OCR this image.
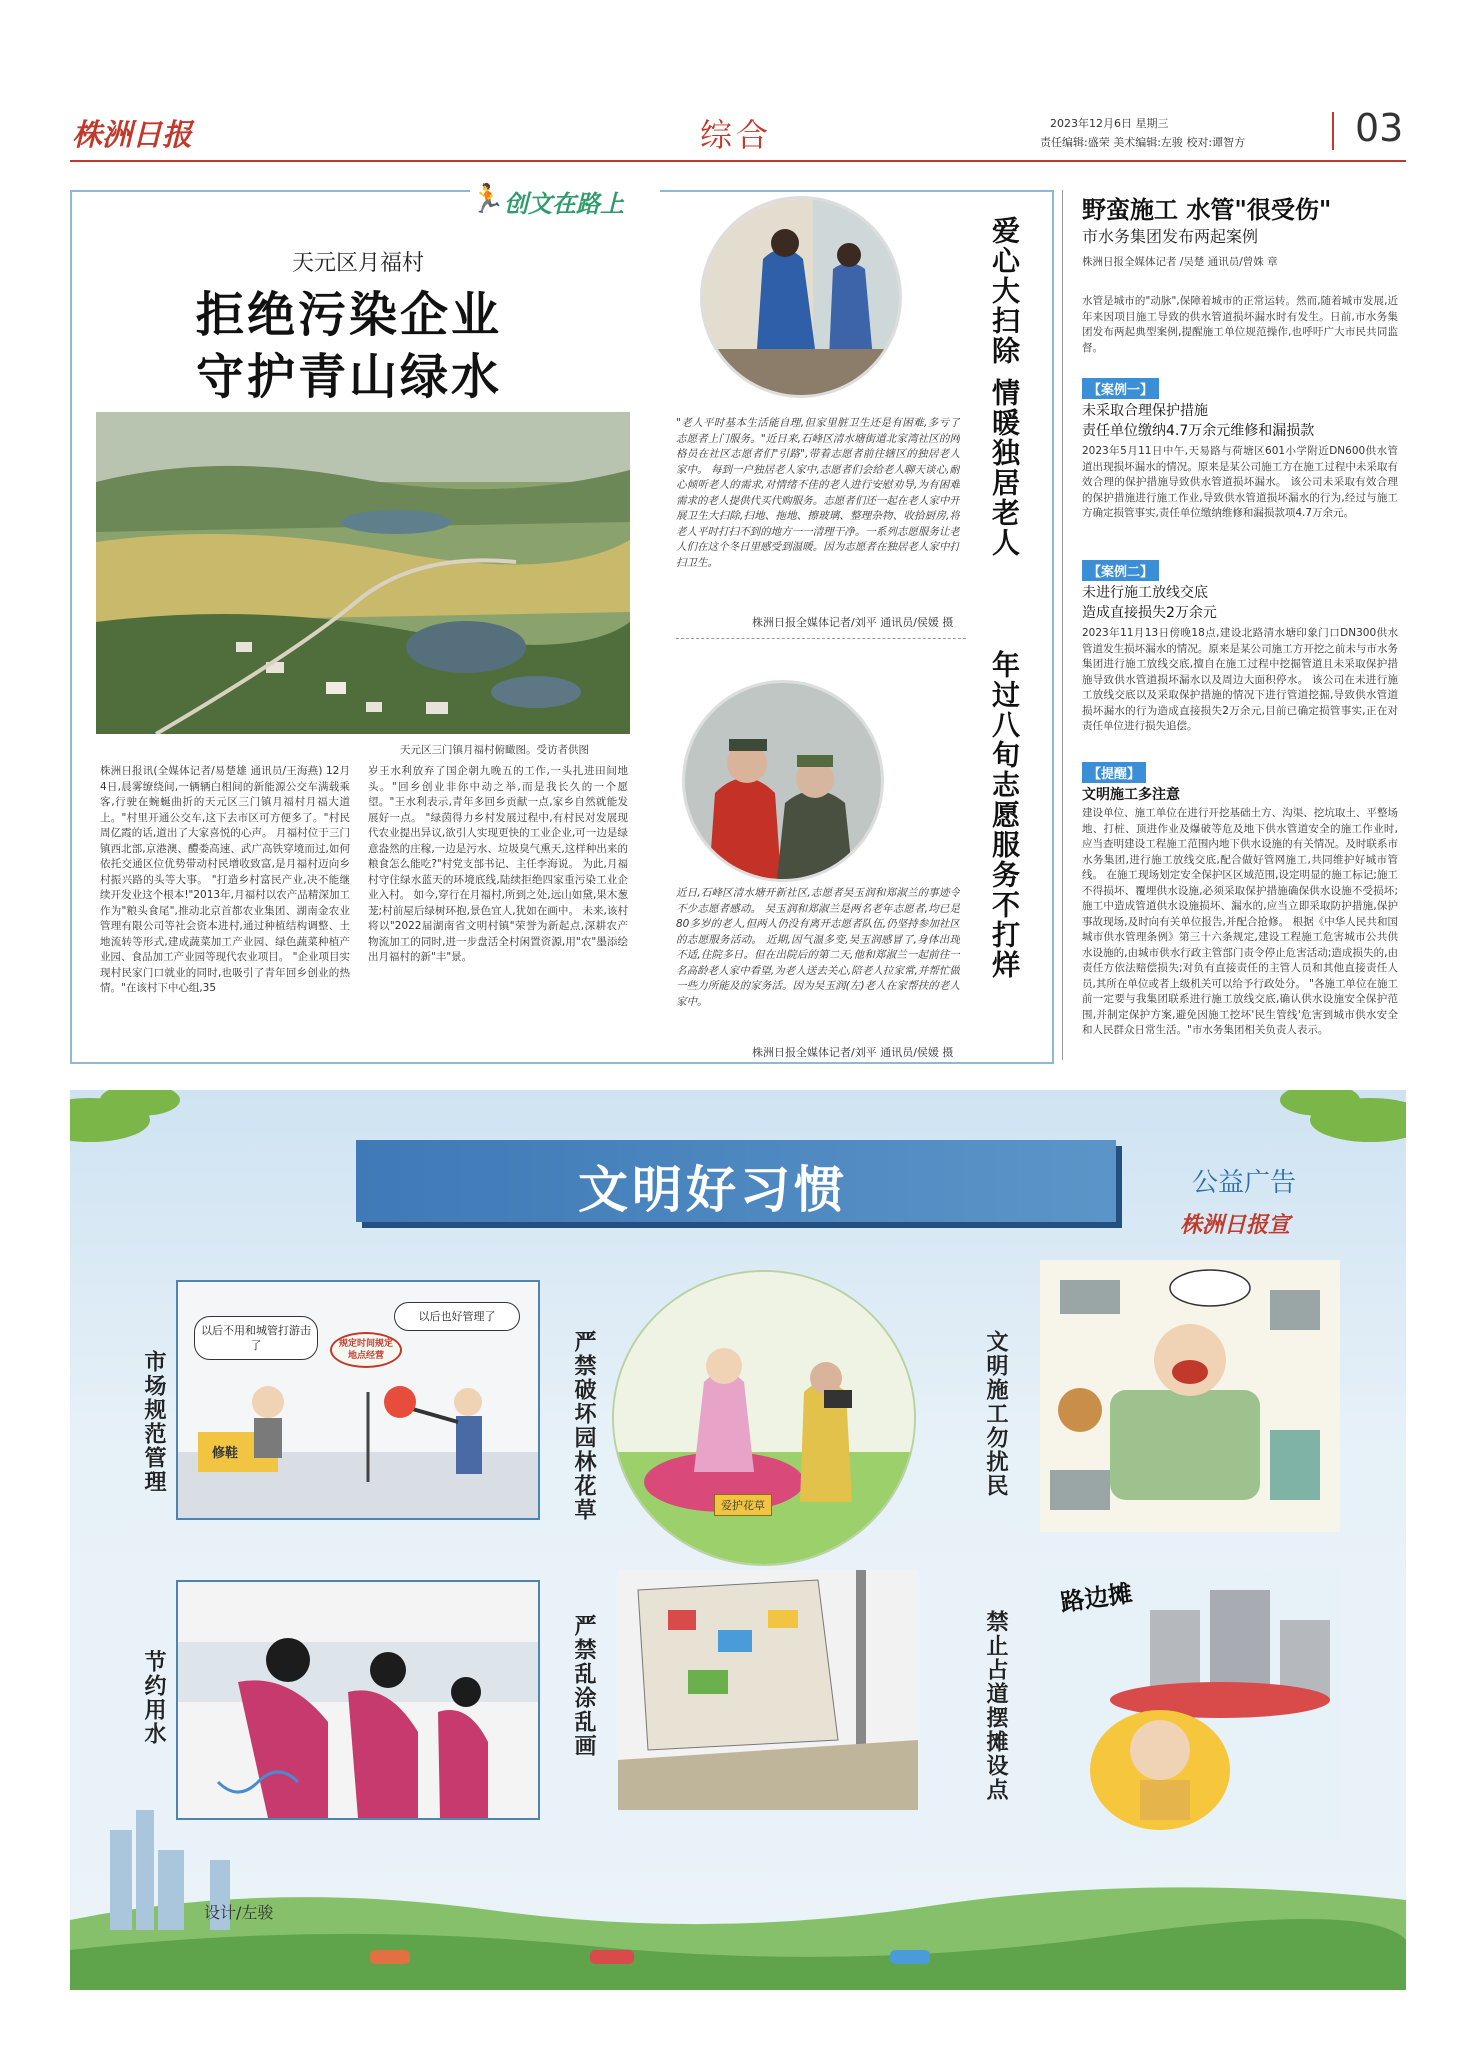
株洲日报	综合	2023年12月6日 星期三
责任编辑:盛荣 美术编辑:左骏 校对:谭智方	03
🏃 创文在路上
天元区月福村
拒绝污染企业
守护青山绿水
天元区三门镇月福村俯瞰图。受访者供图
株洲日报讯(全媒体记者/易楚雄 通讯员/王海燕) 12月4日,晨雾缭绕间,一辆辆白相间的新能源公交车满载乘客,行驶在蜿蜒曲折的天元区三门镇月福村月福大道上。"村里开通公交车,这下去市区可方便多了。"村民周亿霞的话,道出了大家喜悦的心声。 月福村位于三门镇西北部,京港澳、醴娄高速、武广高铁穿境而过,如何依托交通区位优势带动村民增收致富,是月福村迈向乡村振兴路的头等大事。 "打造乡村富民产业,决不能继续开发业这个根本!"2013年,月福村以农产品精深加工作为"粮头食尾",推动北京首都农业集团、湖南金农业管理有限公司等社会资本进村,通过种植结构调整、土地流转等形式,建成蔬菜加工产业园、绿色蔬菜种植产业园、食品加工产业园等现代农业项目。 "企业项目实现村民家门口就业的同时,也吸引了青年回乡创业的热情。"在该村下中心组,35
岁王水利放弃了国企朝九晚五的工作,一头扎进田间地头。"回乡创业非你中动之举,而是我长久的一个愿望。"王水利表示,青年多回乡贡献一点,家乡自然就能发展好一点。 "绿茵得力乡村发展过程中,有村民对发展现代农业提出异议,欲引人实现更快的工业企业,可一边是绿意盎然的庄稼,一边是污水、垃圾臭气熏天,这样种出来的粮食怎么能吃?"村党支部书记、主任李海说。 为此,月福村守住绿水蓝天的环境底线,陆续拒绝四家重污染工业企业入村。 如今,穿行在月福村,所到之处,远山如黛,果木葱茏;村前屋后绿树环抱,景色宜人,犹如在画中。 未来,该村将以"2022届湖南省文明村镇"荣誉为新起点,深耕农产物流加工的同时,进一步盘活全村闲置资源,用"农"墨添绘出月福村的新"丰"景。
"老人平时基本生活能自理,但家里脏卫生还是有困难,多亏了志愿者上门服务。"近日来,石峰区清水塘街道北家湾社区的网格员在社区志愿者们"引路",带着志愿者前往辖区的独居老人家中。 每到一户独居老人家中,志愿者们会给老人聊天谈心,耐心倾听老人的需求,对情绪不佳的老人进行安慰劝导,为有困难需求的老人提供代买代购服务。志愿者们还一起在老人家中开展卫生大扫除,扫地、拖地、擦玻璃、整理杂物、收拾厨房,将老人平时打扫不到的地方一一清理干净。一系列志愿服务让老人们在这个冬日里感受到温暖。因为志愿者在独居老人家中打扫卫生。
株洲日报全媒体记者/刘平 通讯员/侯媛 摄
近日,石峰区清水塘开新社区,志愿者吴玉润和郑淑兰的事迹令不少志愿者感动。 吴玉润和郑淑兰是两名老年志愿者,均已是80多岁的老人,但两人仍没有离开志愿者队伍,仍坚持参加社区的志愿服务活动。 近期,因气温多变,吴玉润感冒了,身体出现不适,住院多日。但在出院后的第二天,他和郑淑兰一起前往一名高龄老人家中看望,为老人送去关心,陪老人拉家常,并帮忙做一些力所能及的家务活。因为吴玉润(左)老人在家帮扶的老人家中。
株洲日报全媒体记者/刘平 通讯员/侯媛 摄
爱心大扫除 情暖独居老人
年过八旬志愿服务不打烊
野蛮施工 水管"很受伤"
市水务集团发布两起案例
株洲日报全媒体记者 /吴楚 通讯员/曾姝 章
水管是城市的"动脉",保障着城市的正常运转。然而,随着城市发展,近年来因项目施工导致的供水管道损坏漏水时有发生。日前,市水务集团发布两起典型案例,提醒施工单位规范操作,也呼吁广大市民共同监督。
【案例一】
未采取合理保护措施
责任单位缴纳4.7万余元维修和漏损款
2023年5月11日中午,天易路与荷塘区601小学附近DN600供水管道出现损坏漏水的情况。原来是某公司施工方在施工过程中未采取有效合理的保护措施导致供水管道损坏漏水。 该公司未采取有效合理的保护措施进行施工作业,导致供水管道损坏漏水的行为,经过与施工方确定损管事实,责任单位缴纳维修和漏损款项4.7万余元。
【案例二】
未进行施工放线交底
造成直接损失2万余元
2023年11月13日傍晚18点,建设北路清水塘印象门口DN300供水管道发生损坏漏水的情况。原来是某公司施工方开挖之前未与市水务集团进行施工放线交底,擅自在施工过程中挖掘管道且未采取保护措施导致供水管道损坏漏水以及周边大面积停水。 该公司在未进行施工放线交底以及采取保护措施的情况下进行管道挖掘,导致供水管道损坏漏水的行为造成直接损失2万余元,目前已确定损管事实,正在对责任单位进行损失追偿。
【提醒】
文明施工多注意
建设单位、施工单位在进行开挖基础土方、沟渠、挖坑取土、平整场地、打桩、顶进作业及爆破等危及地下供水管道安全的施工作业时,应当查明建设工程施工范围内地下供水设施的有关情况。及时联系市水务集团,进行施工放线交底,配合做好管网施工,共同维护好城市管线。 在施工现场划定安全保护区区域范围,设定明显的施工标记;施工不得损坏、覆埋供水设施,必须采取保护措施确保供水设施不受损坏;施工中造成管道供水设施损坏、漏水的,应当立即采取防护措施,保护事故现场,及时向有关单位报告,并配合抢修。 根据《中华人民共和国城市供水管理条例》第三十六条规定,建设工程施工危害城市公共供水设施的,由城市供水行政主管部门责令停止危害活动;造成损失的,由责任方依法赔偿损失;对负有直接责任的主管人员和其他直接责任人员,其所在单位或者上级机关可以给予行政处分。 "各施工单位在施工前一定要与我集团联系进行施工放线交底,确认供水设施安全保护范围,并制定保护方案,避免因施工挖坏'民生管线'危害到城市供水安全和人民群众日常生活。"市水务集团相关负责人表示。
文明好习惯	公益广告
株洲日报宣
以后不用和城管打游击了
以后也好管理了
规定时间规定地点经营
修鞋
市场规范管理
爱护花草
严禁破坏园林花草	文明施工勿扰民
节约用水	严禁乱涂乱画
路边摊
禁止占道摆摊设点
设计/左骏
